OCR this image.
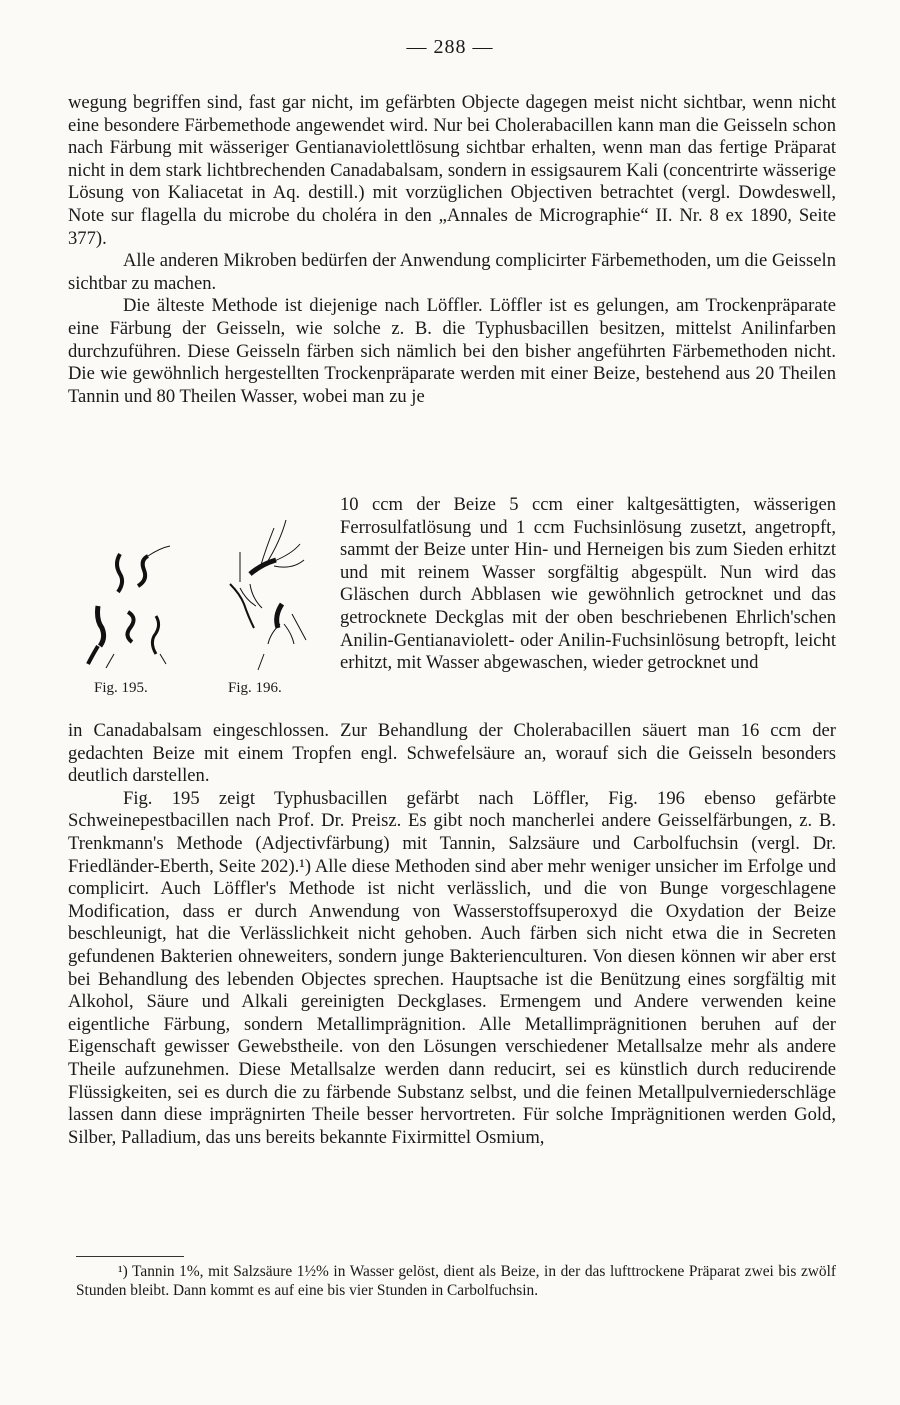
— 288 —

wegung begriffen sind, fast gar nicht, im gefärbten Objecte dagegen meist nicht sichtbar, wenn nicht eine besondere Färbemethode angewendet wird. Nur bei Cholerabacillen kann man die Geisseln schon nach Färbung mit wässeriger Gentianaviolettlösung sichtbar erhalten, wenn man das fertige Präparat nicht in dem stark lichtbrechenden Canadabalsam, sondern in essigsaurem Kali (concentrirte wässerige Lösung von Kaliacetat in Aq. destill.) mit vorzüglichen Objectiven betrachtet (vergl. Dowdeswell, Note sur flagella du microbe du choléra in den „Annales de Micrographie“ II. Nr. 8 ex 1890, Seite 377).

Alle anderen Mikroben bedürfen der Anwendung complicirter Färbemethoden, um die Geisseln sichtbar zu machen.

Die älteste Methode ist diejenige nach Löffler. Löffler ist es gelungen, am Trockenpräparate eine Färbung der Geisseln, wie solche z. B. die Typhusbacillen besitzen, mittelst Anilinfarben durchzuführen. Diese Geisseln färben sich nämlich bei den bisher angeführten Färbemethoden nicht. Die wie gewöhnlich hergestellten Trockenpräparate werden mit einer Beize, bestehend aus 20 Theilen Tannin und 80 Theilen Wasser, wobei man zu je

Fig. 195.	Fig. 196.

10 ccm der Beize 5 ccm einer kaltgesättigten, wässerigen Ferrosulfatlösung und 1 ccm Fuchsinlösung zusetzt, angetropft, sammt der Beize unter Hin- und Herneigen bis zum Sieden erhitzt und mit reinem Wasser sorgfältig abgespült. Nun wird das Gläschen durch Abblasen wie gewöhnlich getrocknet und das getrocknete Deckglas mit der oben beschriebenen Ehrlich'schen Anilin-Gentianaviolett- oder Anilin-Fuchsinlösung betropft, leicht erhitzt, mit Wasser abgewaschen, wieder getrocknet und

in Canadabalsam eingeschlossen. Zur Behandlung der Cholerabacillen säuert man 16 ccm der gedachten Beize mit einem Tropfen engl. Schwefelsäure an, worauf sich die Geisseln besonders deutlich darstellen.

Fig. 195 zeigt Typhusbacillen gefärbt nach Löffler, Fig. 196 ebenso gefärbte Schweinepestbacillen nach Prof. Dr. Preisz. Es gibt noch mancherlei andere Geisselfärbungen, z. B. Trenkmann's Methode (Adjectivfärbung) mit Tannin, Salzsäure und Carbolfuchsin (vergl. Dr. Friedländer-Eberth, Seite 202).¹) Alle diese Methoden sind aber mehr weniger unsicher im Erfolge und complicirt. Auch Löffler's Methode ist nicht verlässlich, und die von Bunge vorgeschlagene Modification, dass er durch Anwendung von Wasserstoffsuperoxyd die Oxydation der Beize beschleunigt, hat die Verlässlichkeit nicht gehoben. Auch färben sich nicht etwa die in Secreten gefundenen Bakterien ohneweiters, sondern junge Bakterienculturen. Von diesen können wir aber erst bei Behandlung des lebenden Objectes sprechen. Hauptsache ist die Benützung eines sorgfältig mit Alkohol, Säure und Alkali gereinigten Deckglases. Ermengem und Andere verwenden keine eigentliche Färbung, sondern Metallimprägnition. Alle Metallimprägnitionen beruhen auf der Eigenschaft gewisser Gewebstheile. von den Lösungen verschiedener Metallsalze mehr als andere Theile aufzunehmen. Diese Metallsalze werden dann reducirt, sei es künstlich durch reducirende Flüssigkeiten, sei es durch die zu färbende Substanz selbst, und die feinen Metallpulverniederschläge lassen dann diese imprägnirten Theile besser hervortreten. Für solche Imprägnitionen werden Gold, Silber, Palladium, das uns bereits bekannte Fixirmittel Osmium,

¹) Tannin 1%, mit Salzsäure 1½% in Wasser gelöst, dient als Beize, in der das lufttrockene Präparat zwei bis zwölf Stunden bleibt. Dann kommt es auf eine bis vier Stunden in Carbolfuchsin.
